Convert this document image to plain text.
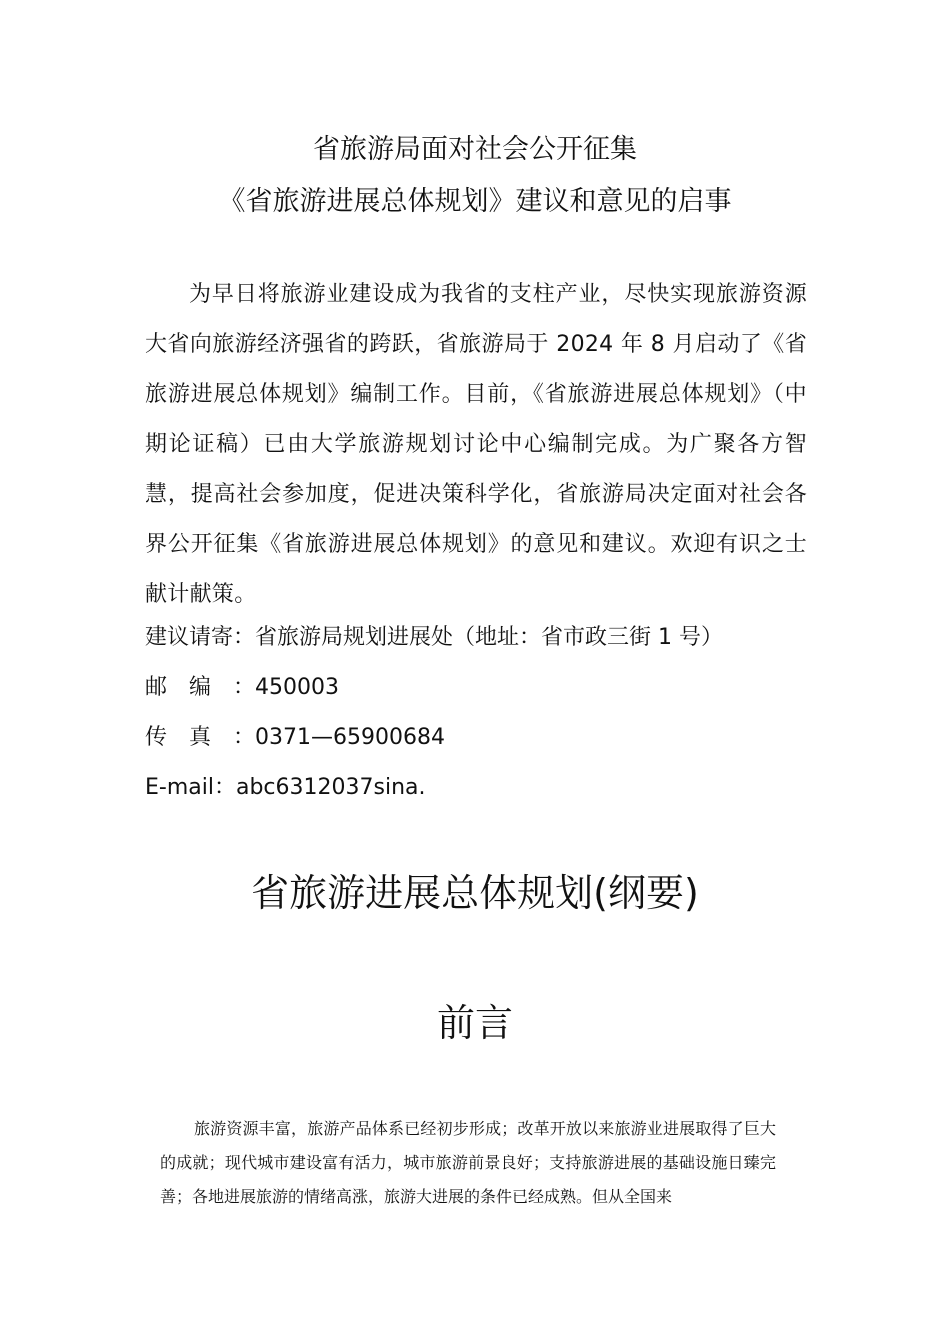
省旅游局面对社会公开征集
《省旅游进展总体规划》建议和意见的启事

为早日将旅游业建设成为我省的支柱产业，尽快实现旅游资源大省向旅游经济强省的跨跃，省旅游局于 2024 年 8 月启动了《省旅游进展总体规划》编制工作。目前，《省旅游进展总体规划》（中期论证稿）已由大学旅游规划讨论中心编制完成。为广聚各方智慧，提高社会参加度，促进决策科学化，省旅游局决定面对社会各界公开征集《省旅游进展总体规划》的意见和建议。欢迎有识之士献计献策。

建议请寄：省旅游局规划进展处（地址：省市政三街 1 号）

邮编：450003

传真：0371—65900684

E-mail：abc6312037sina.

省旅游进展总体规划(纲要)
前言

旅游资源丰富，旅游产品体系已经初步形成；改革开放以来旅游业进展取得了巨大的成就；现代城市建设富有活力，城市旅游前景良好；支持旅游进展的基础设施日臻完善；各地进展旅游的情绪高涨，旅游大进展的条件已经成熟。但从全国来
